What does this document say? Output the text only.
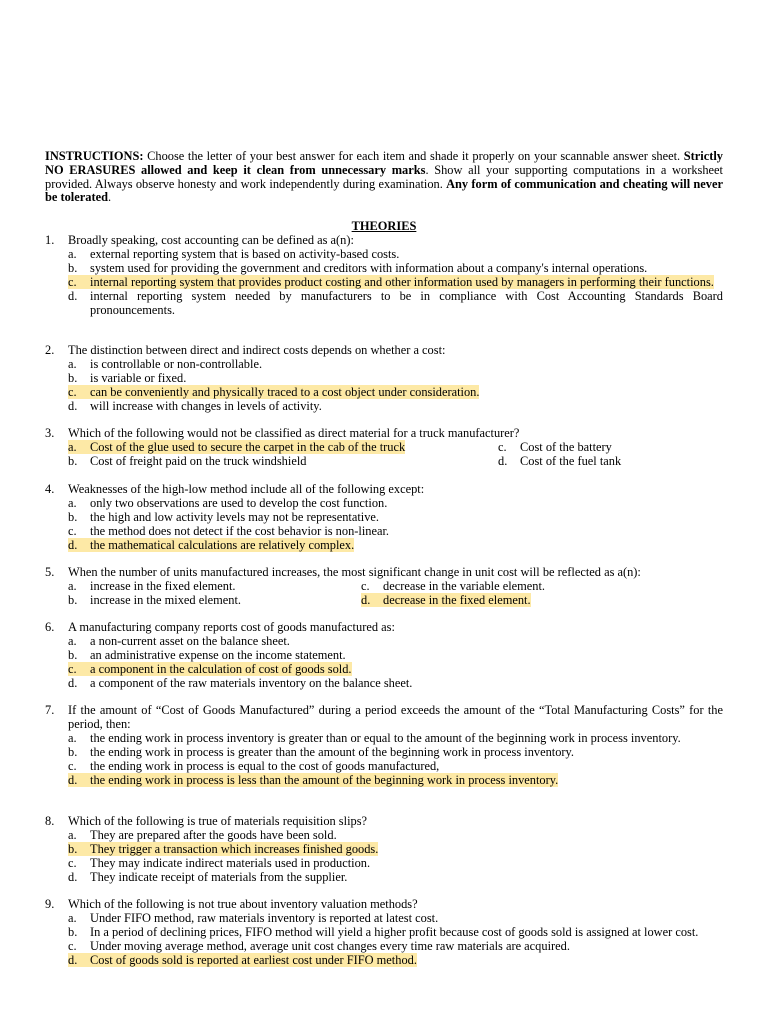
INSTRUCTIONS: Choose the letter of your best answer for each item and shade it properly on your scannable answer sheet. Strictly NO ERASURES allowed and keep it clean from unnecessary marks. Show all your supporting computations in a worksheet provided. Always observe honesty and work independently during examination. Any form of communication and cheating will never be tolerated.
THEORIES
1.	Broadly speaking, cost accounting can be defined as a(n):
a.	external reporting system that is based on activity-based costs.
b.	system used for providing the government and creditors with information about a company's internal operations.
c.	internal reporting system that provides product costing and other information used by managers in performing their functions.
d.	internal reporting system needed by manufacturers to be in compliance with Cost Accounting Standards Board pronouncements.
2.	The distinction between direct and indirect costs depends on whether a cost:
a.	is controllable or non-controllable.
b.	is variable or fixed.
c.	can be conveniently and physically traced to a cost object under consideration.
d.	will increase with changes in levels of activity.
3.	Which of the following would not be classified as direct material for a truck manufacturer?
a.	Cost of the glue used to secure the carpet in the cab of the truck	c.	Cost of the battery
b.	Cost of freight paid on the truck windshield	d.	Cost of the fuel tank
4.	Weaknesses of the high-low method include all of the following except:
a.	only two observations are used to develop the cost function.
b.	the high and low activity levels may not be representative.
c.	the method does not detect if the cost behavior is non-linear.
d.	the mathematical calculations are relatively complex.
5.	When the number of units manufactured increases, the most significant change in unit cost will be reflected as a(n):
a.	increase in the fixed element.	c.	decrease in the variable element.
b.	increase in the mixed element.	d.	decrease in the fixed element.
6.	A manufacturing company reports cost of goods manufactured as:
a.	a non-current asset on the balance sheet.
b.	an administrative expense on the income statement.
c.	a component in the calculation of cost of goods sold.
d.	a component of the raw materials inventory on the balance sheet.
7.	If the amount of “Cost of Goods Manufactured” during a period exceeds the amount of the “Total Manufacturing Costs” for the period, then:
a.	the ending work in process inventory is greater than or equal to the amount of the beginning work in process inventory.
b.	the ending work in process is greater than the amount of the beginning work in process inventory.
c.	the ending work in process is equal to the cost of goods manufactured,
d.	the ending work in process is less than the amount of the beginning work in process inventory.
8.	Which of the following is true of materials requisition slips?
a.	They are prepared after the goods have been sold.
b.	They trigger a transaction which increases finished goods.
c.	They may indicate indirect materials used in production.
d.	They indicate receipt of materials from the supplier.
9.	Which of the following is not true about inventory valuation methods?
a.	Under FIFO method, raw materials inventory is reported at latest cost.
b.	In a period of declining prices, FIFO method will yield a higher profit because cost of goods sold is assigned at lower cost.
c.	Under moving average method, average unit cost changes every time raw materials are acquired.
d.	Cost of goods sold is reported at earliest cost under FIFO method.
